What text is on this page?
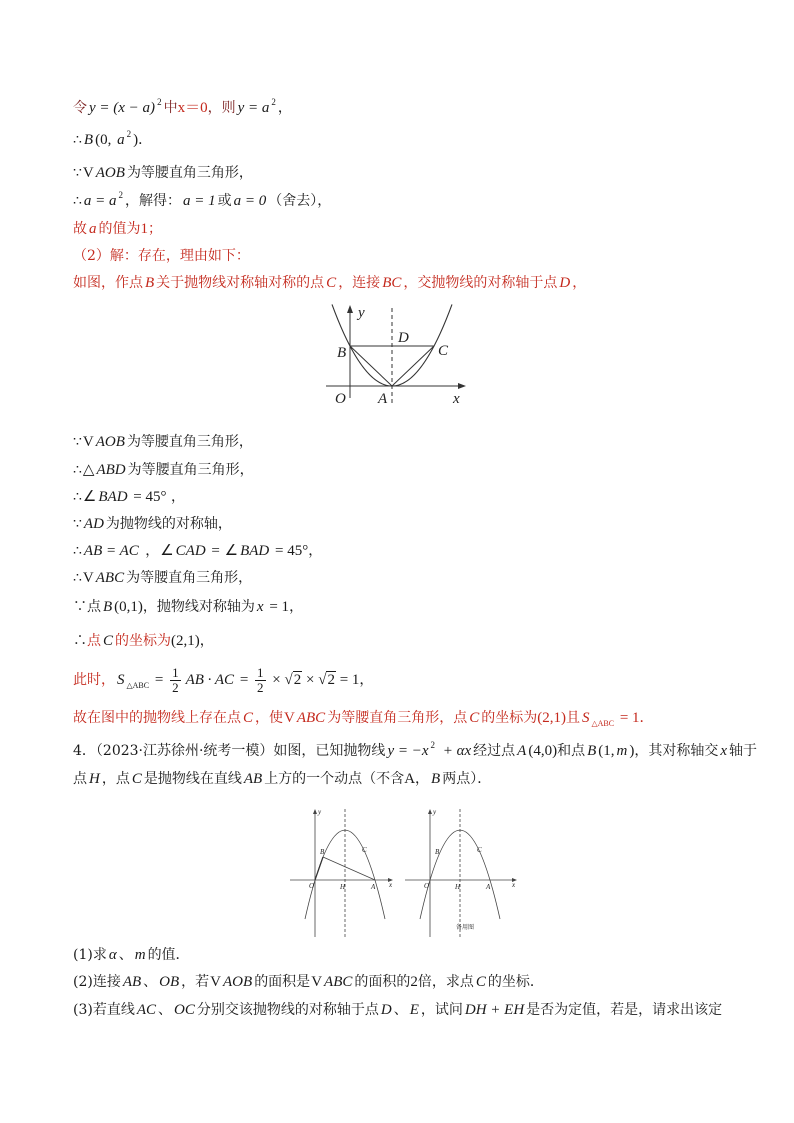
令 y = (x − a) $^2$ 中x＝0，则 y = a $^2$ ，
∴ B (0, a $^2$ )．
∵V AOB 为等腰直角三角形，
∴ a = a $^2$ ，解得： a = 1 或 a = 0 （舍去），
故 a 的值为1；
（2）解：存在，理由如下：
如图，作点 B 关于抛物线对称轴对称的点 C ，连接 BC ，交抛物线的对称轴于点 D ，
y
x
O A
B
D
C
∵V AOB 为等腰直角三角形，
∴△ ABD 为等腰直角三角形，
∴∠ BAD = 45° ，
∵ AD 为抛物线的对称轴，
∴ AB = AC ，∠ CAD = ∠ BAD = 45°，
∴V ABC 为等腰直角三角形，
∵点 B (0,1)，抛物线对称轴为 x = 1，
∴点 C 的坐标为(2,1)，
此时， S $_{\triangle ABC} = \frac{1}{2}$ AB · AC = $\frac{1}{2} \times √2 \times √2 = 1$，
故在图中的抛物线上存在点 C ，使V ABC 为等腰直角三角形，点 C 的坐标为(2,1)且 S $_{\triangle ABC}$ = 1．
4．（2023·江苏徐州·统考一模）如图，已知抛物线 y = −x $^2$ + αx 经过点 A (4,0)和点 B (1, m )，其对称轴交 x 轴于
点 H ，点 C 是抛物线在直线 AB 上方的一个动点（不含A， B 两点）．
y
x
O	H	A
B	C
y
x
O	H	A
B	C
备用图
(1)求 α 、 m 的值．
(2)连接 AB 、 OB ，若V AOB 的面积是V ABC 的面积的2倍，求点 C 的坐标．
(3)若直线 AC 、 OC 分别交该抛物线的对称轴于点 D 、 E ，试问 DH + EH 是否为定值，若是，请求出该定
